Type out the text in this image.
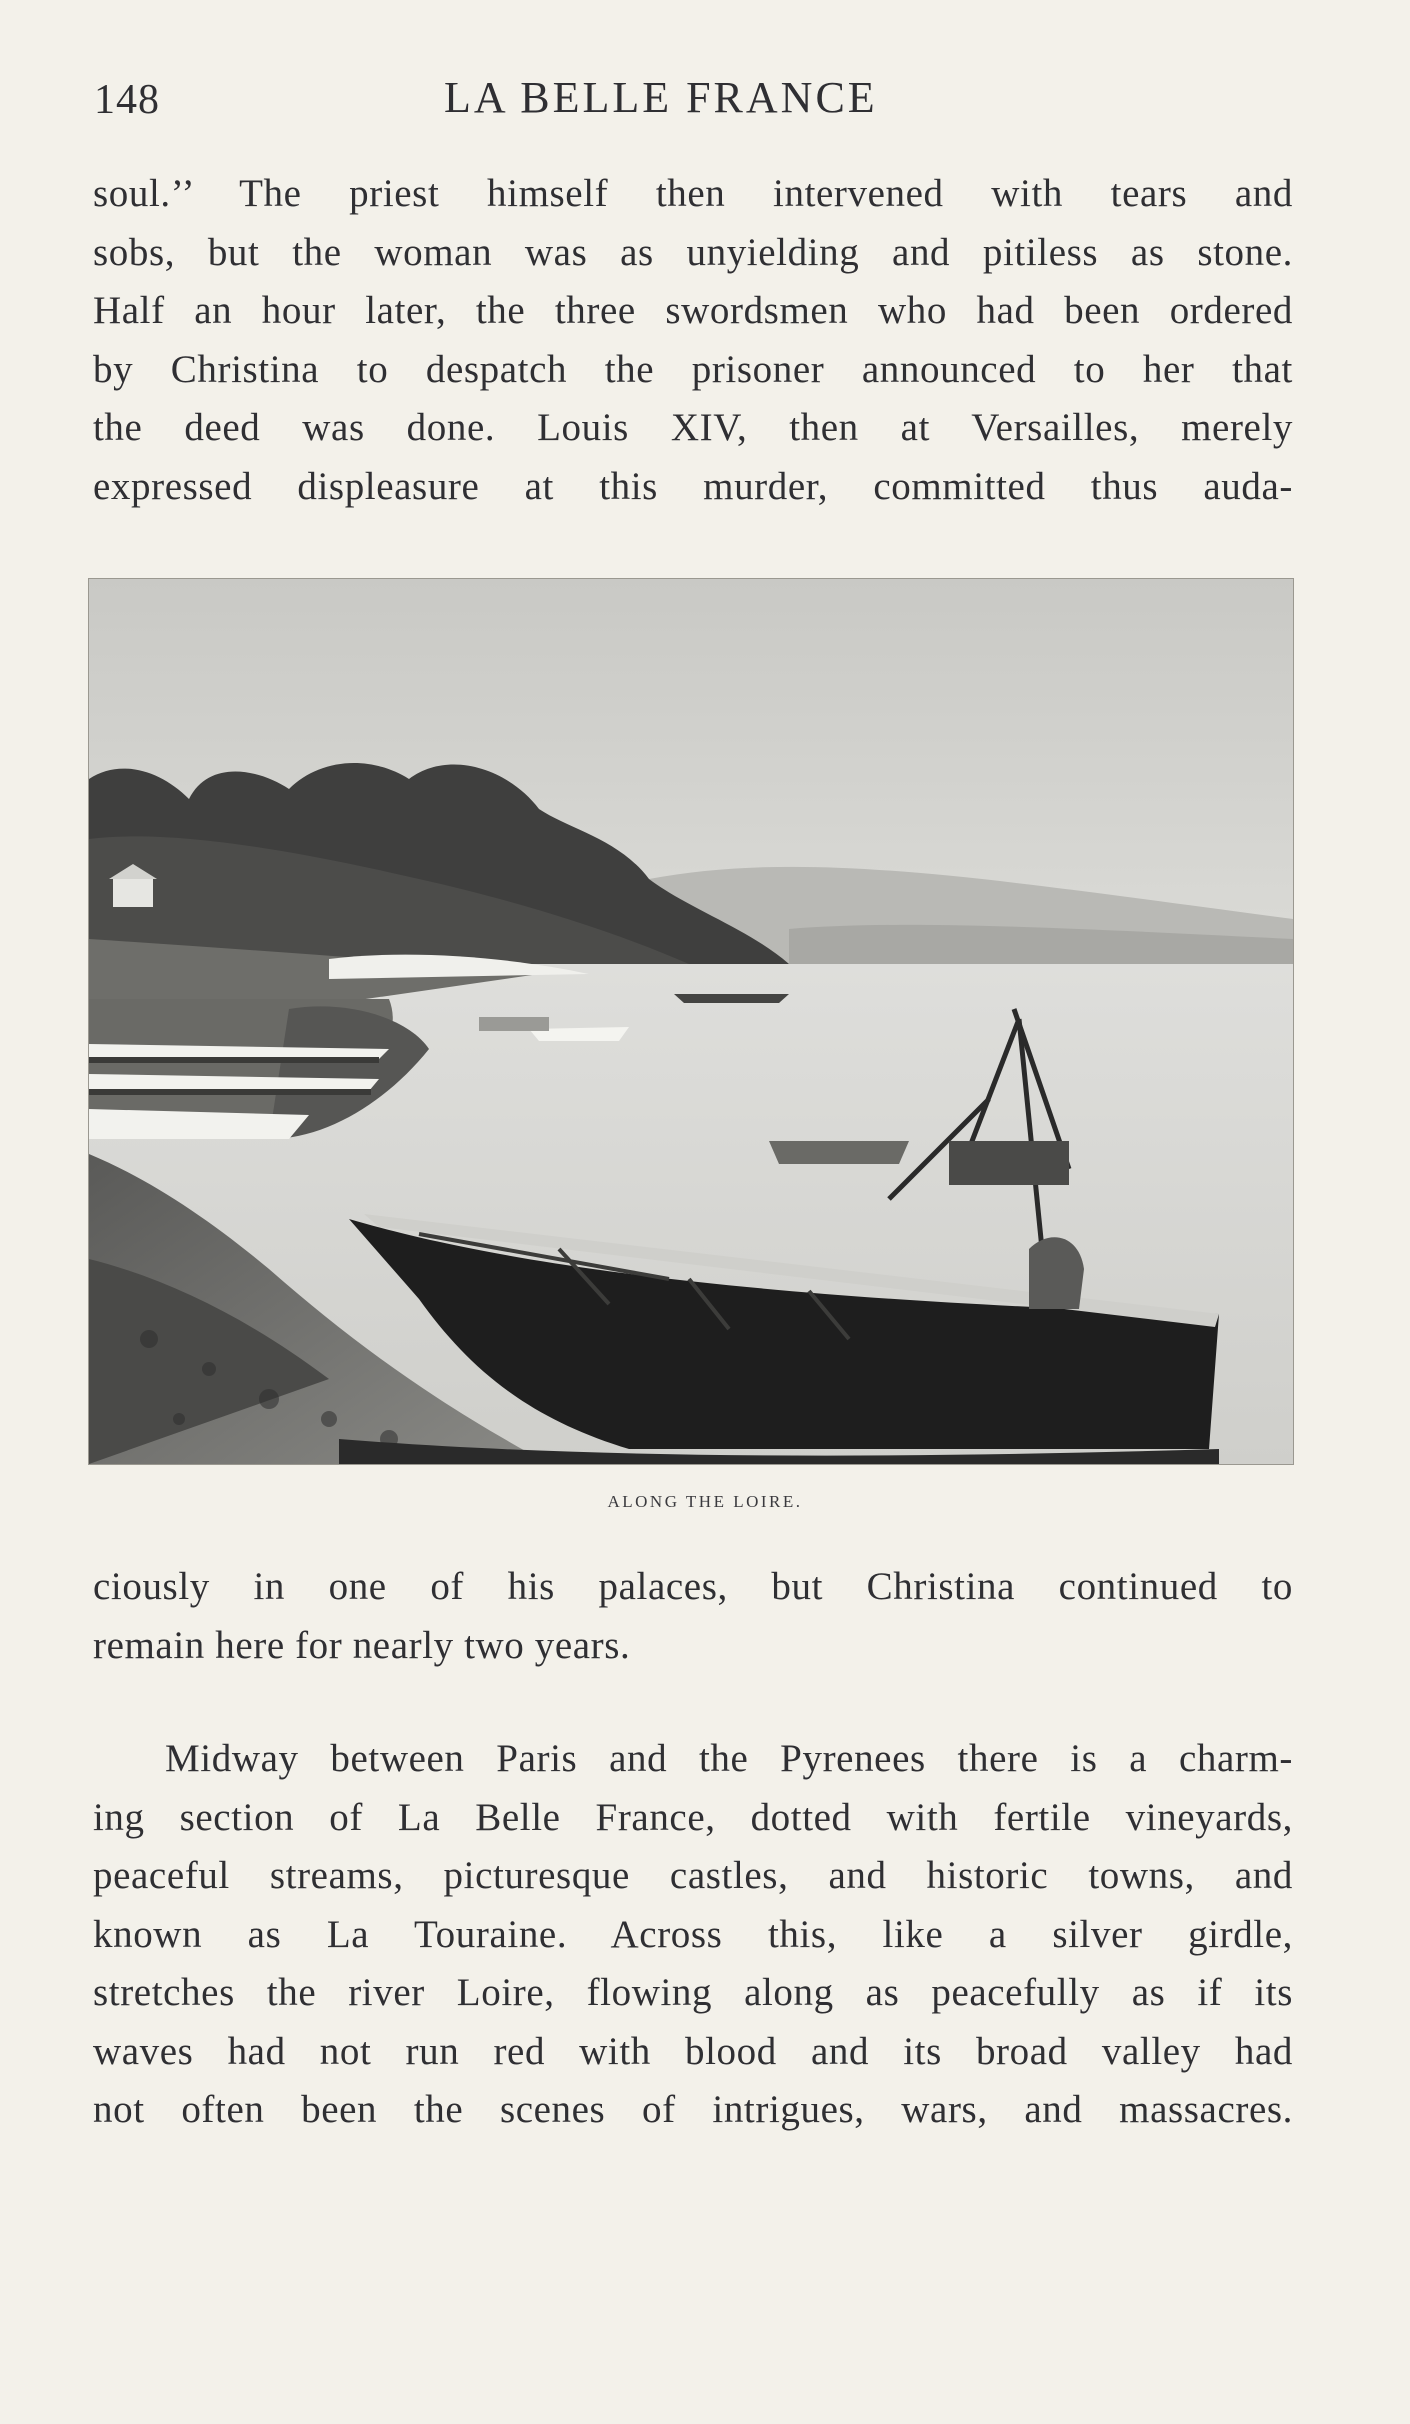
148	LA BELLE FRANCE
soul.’’ The priest himself then intervened with tears and
sobs, but the woman was as unyielding and pitiless as stone.
Half an hour later, the three swordsmen who had been ordered
by Christina to despatch the prisoner announced to her that
the deed was done. Louis XIV, then at Versailles, merely
expressed displeasure at this murder, committed thus auda-
ALONG THE LOIRE.
ciously in one of his palaces, but Christina continued to
remain here for nearly two years.
Midway between Paris and the Pyrenees there is a charm-
ing section of La Belle France, dotted with fertile vineyards,
peaceful streams, picturesque castles, and historic towns, and
known as La Touraine. Across this, like a silver girdle,
stretches the river Loire, flowing along as peacefully as if its
waves had not run red with blood and its broad valley had
not often been the scenes of intrigues, wars, and massacres.
